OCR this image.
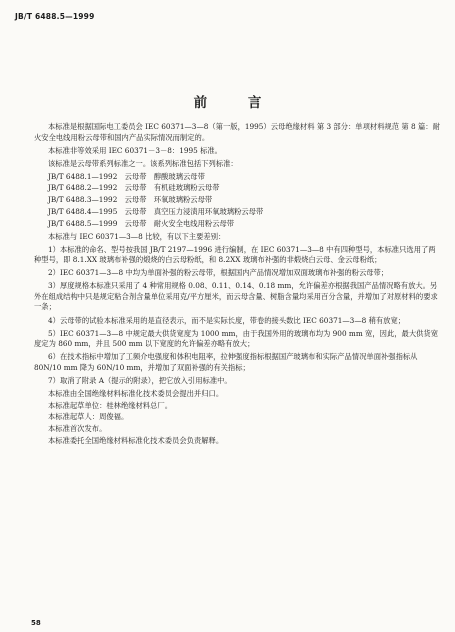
JB/T 6488.5—1999
前 言

本标准是根据国际电工委员会 IEC 60371—3—8（第一版，1995）云母绝缘材料 第 3 部分：单项材料规范 第 8 篇：耐火安全电线用粉云母带和国内产品实际情况而制定的。

本标准非等效采用 IEC 60371－3－8：1995 标准。

该标准是云母带系列标准之一。该系列标准包括下列标准：

JB/T 6488.1—1992　云母带　醇酸玻璃云母带

JB/T 6488.2—1992　云母带　有机硅玻璃粉云母带

JB/T 6488.3—1992　云母带　环氧玻璃粉云母带

JB/T 6488.4—1995　云母带　真空压力浸渍用环氧玻璃粉云母带

JB/T 6488.5—1999　云母带　耐火安全电线用粉云母带

本标准与 IEC 60371—3—8 比较，有以下主要差别：

1）本标准的命名、型号按我国 JB/T 2197—1996 进行编制，在 IEC 60371—3—8 中有四种型号，本标准只选用了两种型号，即 8.1.XX 玻璃布补强的煅烧的白云母粉纸，和 8.2XX 玻璃布补强的非煅烧白云母、金云母粉纸；

2）IEC 60371—3—8 中均为单面补强的粉云母带，根据国内产品情况增加双面玻璃布补强的粉云母带；

3）厚度规格本标准只采用了 4 种常用规格 0.08、0.11、0.14、0.18 mm，允许偏差亦根据我国产品情况略有放大。另外在组成结构中只是规定粘合剂含量单位采用克/平方厘米，而云母含量、树脂含量均采用百分含量，并增加了对原材料的要求一条；

4）云母带的试验本标准采用的是直径表示，而不是实际长度，带卷的接头数比 IEC 60371—3—8 稍有放宽；

5）IEC 60371—3—8 中规定最大供货宽度为 1000 mm，由于我国外用的玻璃布均为 900 mm 宽，因此，最大供货宽度定为 860 mm，并且 500 mm 以下宽度的允许偏差亦略有放大；

6）在技术指标中增加了工频介电强度和体积电阻率，拉伸强度指标根据国产玻璃布和实际产品情况单面补强指标从 80N/10 mm 降为 60N/10 mm，并增加了双面补强的有关指标；

7）取消了附录 A（提示的附录），把它放入引用标准中。

本标准由全国绝缘材料标准化技术委员会提出并归口。

本标准起草单位：桂林绝缘材料总厂。

本标准起草人：周俊福。

本标准首次发布。

本标准委托全国绝缘材料标准化技术委员会负责解释。

58
